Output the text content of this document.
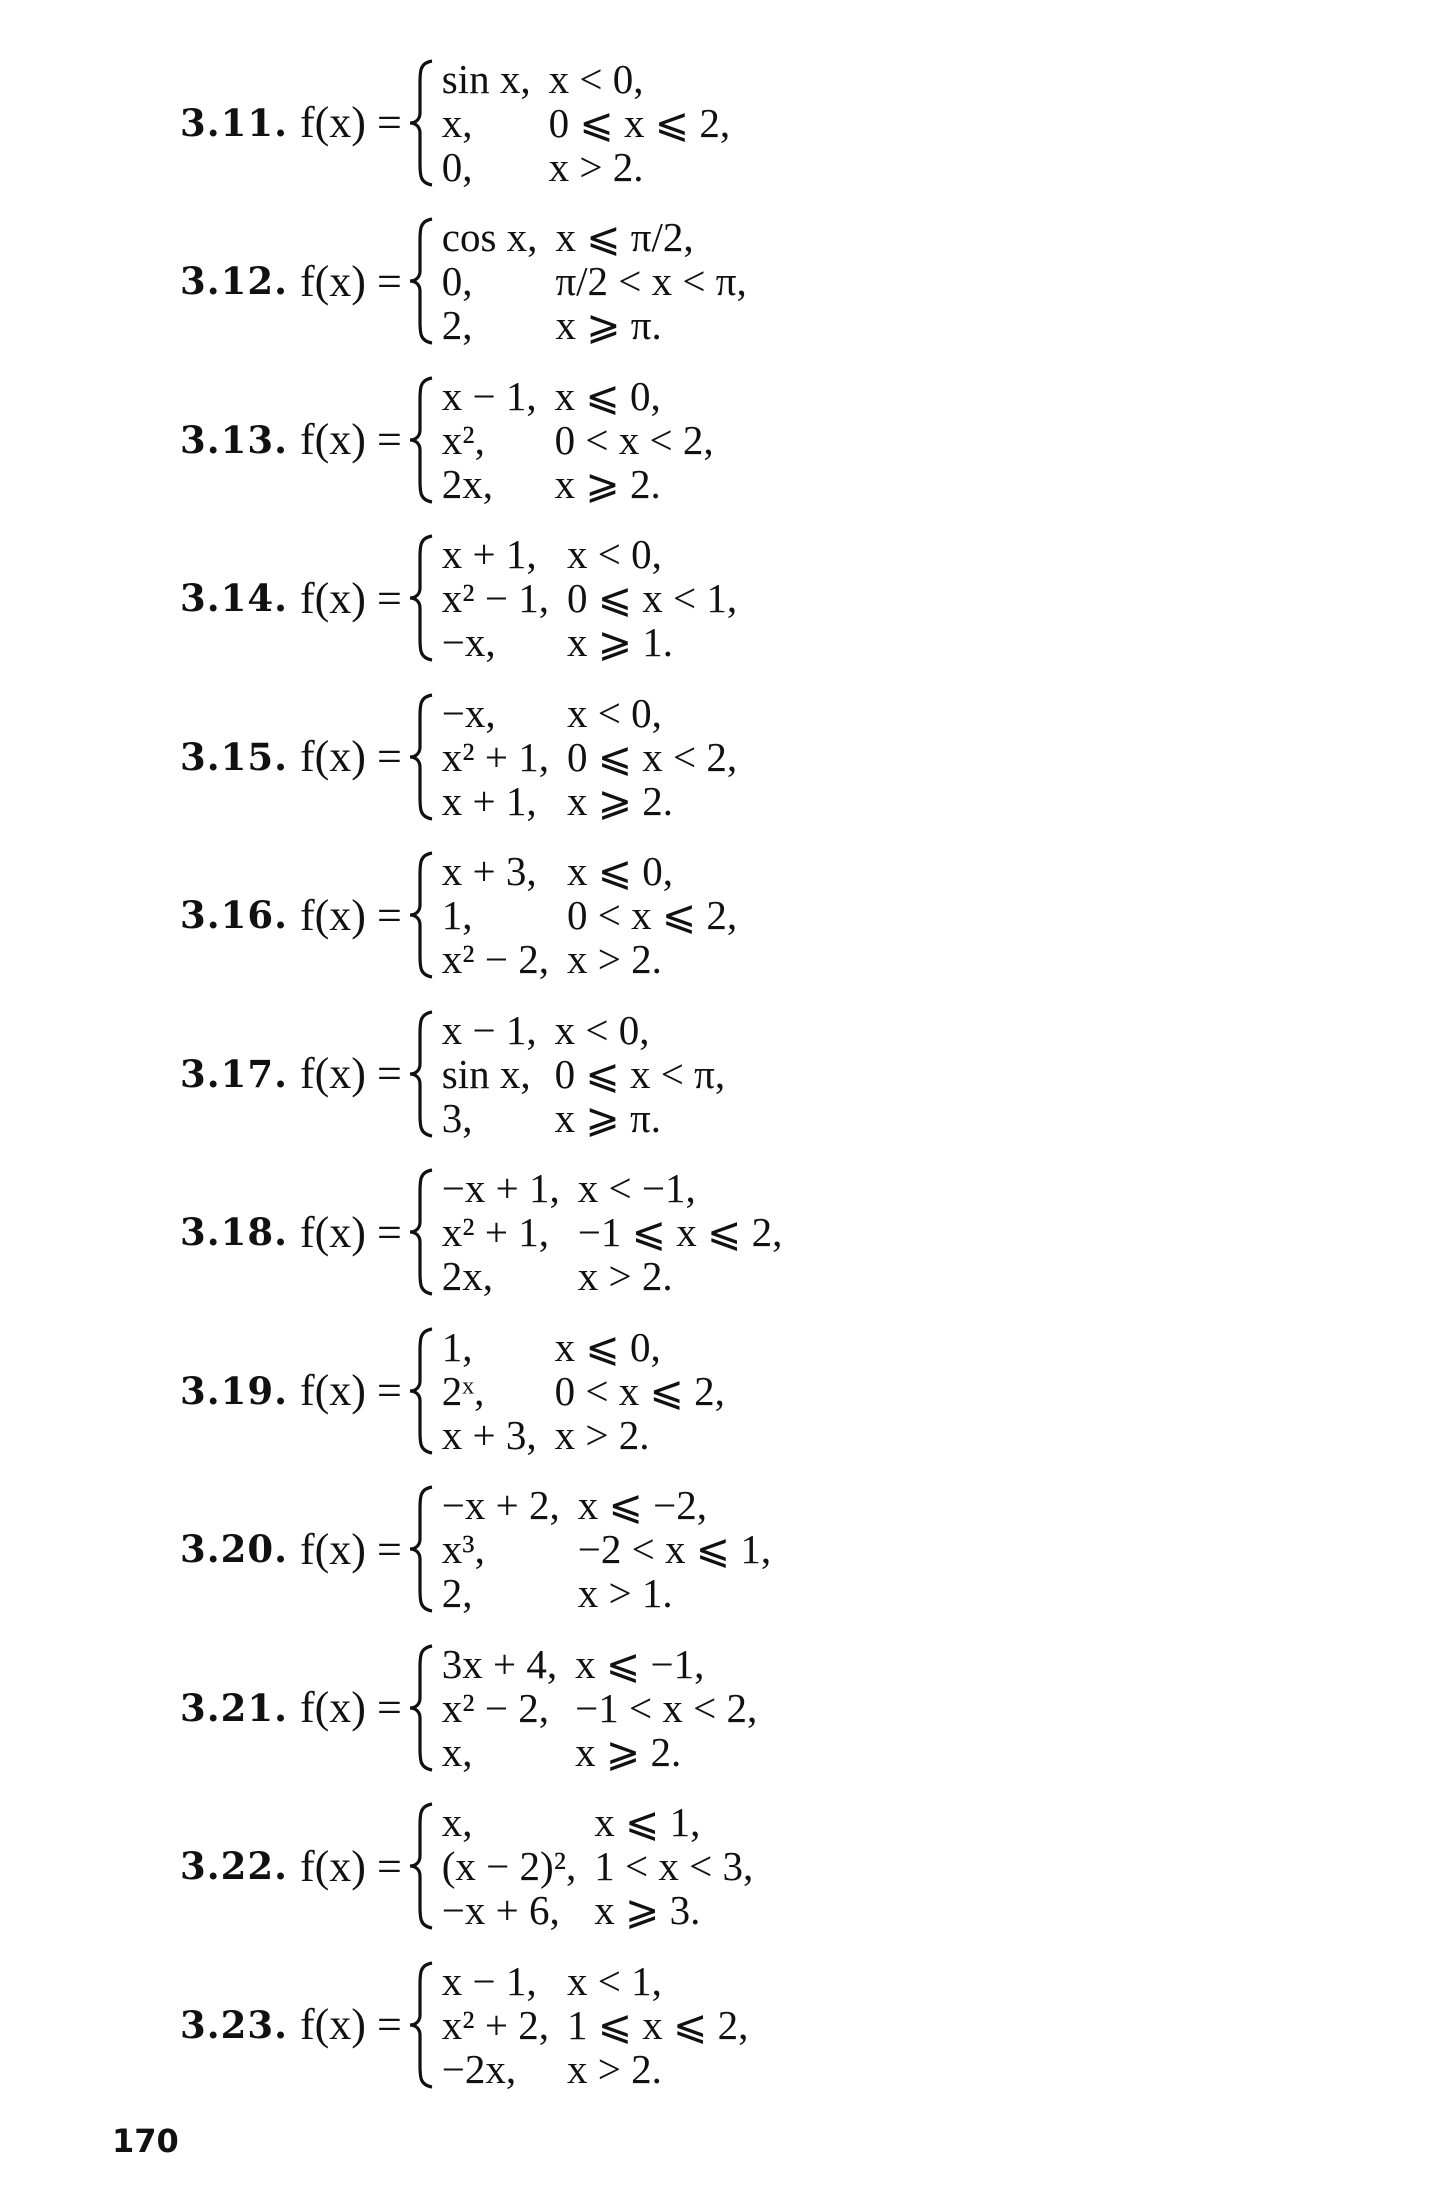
3.11. f(x) =
sin x, x < 0,
x,	0 ⩽ x ⩽ 2,
0,	x > 2.
3.12. f(x) =
cos x, x ⩽ π/2,
0,	π/2 < x < π,
2,	x ⩾ π.
3.13. f(x) =
x − 1, x ⩽ 0,
x²,	0 < x < 2,
2x,	x ⩾ 2.
3.14. f(x) =
x + 1, x < 0,
x² − 1, 0 ⩽ x < 1,
−x,	x ⩾ 1.
3.15. f(x) =
−x,	x < 0,
x² + 1, 0 ⩽ x < 2,
x + 1, x ⩾ 2.
3.16. f(x) =
x + 3, x ⩽ 0,
1,	0 < x ⩽ 2,
x² − 2, x > 2.
3.17. f(x) =
x − 1, x < 0,
sin x, 0 ⩽ x < π,
3,	x ⩾ π.
3.18. f(x) =
−x + 1, x < −1,
x² + 1, −1 ⩽ x ⩽ 2,
2x,	x > 2.
3.19. f(x) =
1,	x ⩽ 0,
2ˣ,	0 < x ⩽ 2,
x + 3, x > 2.
3.20. f(x) =
−x + 2, x ⩽ −2,
x³,	−2 < x ⩽ 1,
2,	x > 1.
3.21. f(x) =
3x + 4, x ⩽ −1,
x² − 2, −1 < x < 2,
x,	x ⩾ 2.
3.22. f(x) =
x,	x ⩽ 1,
(x − 2)², 1 < x < 3,
−x + 6, x ⩾ 3.
3.23. f(x) =
x − 1, x < 1,
x² + 2, 1 ⩽ x ⩽ 2,
−2x,	x > 2.
170
